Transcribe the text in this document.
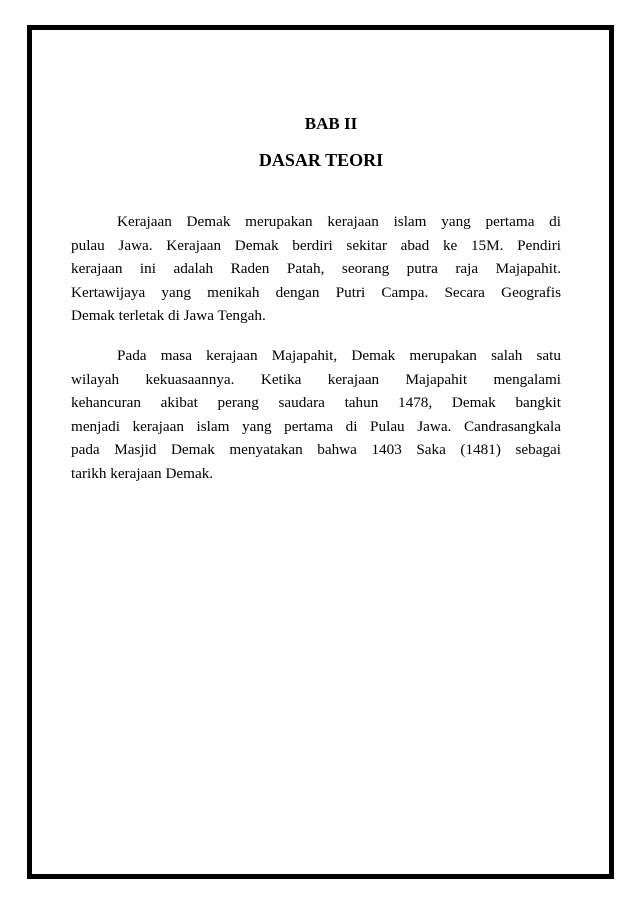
BAB II
DASAR TEORI

Kerajaan Demak merupakan kerajaan islam yang pertama di
pulau Jawa. Kerajaan Demak berdiri sekitar abad ke 15M. Pendiri
kerajaan ini adalah Raden Patah, seorang putra raja Majapahit.
Kertawijaya yang menikah dengan Putri Campa. Secara Geografis
Demak terletak di Jawa Tengah.

Pada masa kerajaan Majapahit, Demak merupakan salah satu
wilayah kekuasaannya. Ketika kerajaan Majapahit mengalami
kehancuran akibat perang saudara tahun 1478, Demak bangkit
menjadi kerajaan islam yang pertama di Pulau Jawa. Candrasangkala
pada Masjid Demak menyatakan bahwa 1403 Saka (1481) sebagai
tarikh kerajaan Demak.
